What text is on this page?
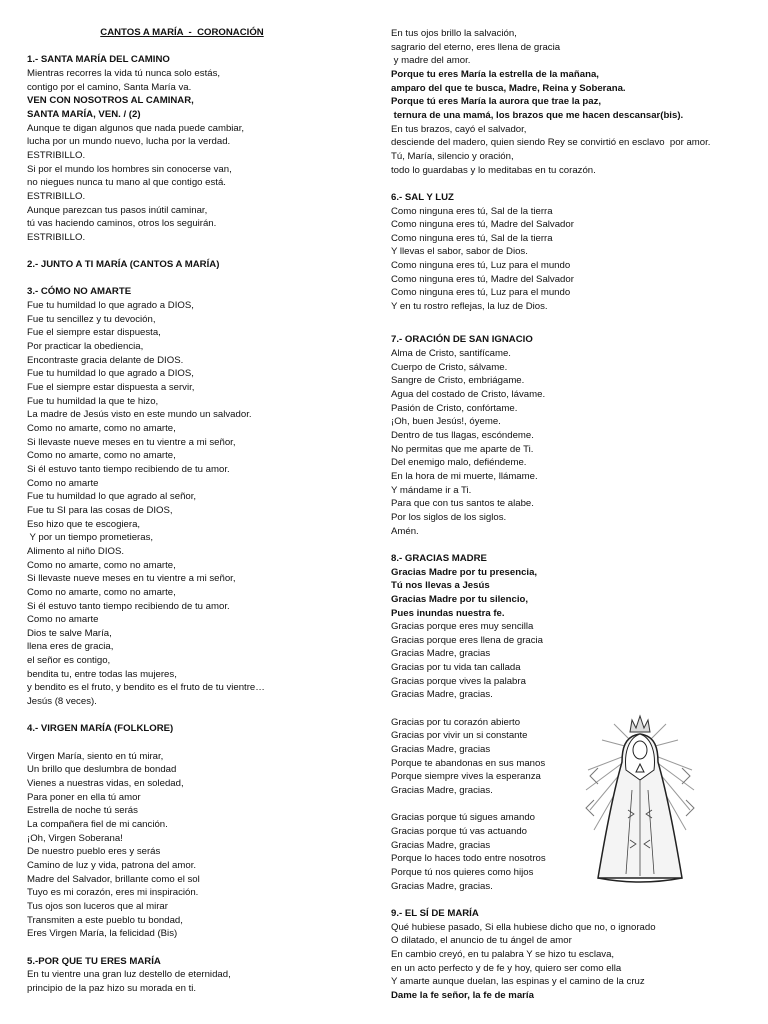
CANTOS A MARÍA  -  CORONACIÓN
1.- SANTA MARÍA DEL CAMINO
Mientras recorres la vida tú nunca solo estás,
contigo por el camino, Santa María va.
VEN CON NOSOTROS AL CAMINAR,
SANTA MARÍA, VEN. / (2)
Aunque te digan algunos que nada puede cambiar,
lucha por un mundo nuevo, lucha por la verdad.
ESTRIBILLO.
Si por el mundo los hombres sin conocerse van,
no niegues nunca tu mano al que contigo está.
ESTRIBILLO.
Aunque parezcan tus pasos inútil caminar,
tú vas haciendo caminos, otros los seguirán.
ESTRIBILLO.
2.- JUNTO A TI MARÍA (CANTOS A MARÍA)
3.- CÓMO NO AMARTE
Fue tu humildad lo que agrado a DIOS,
Fue tu sencillez y tu devoción,
Fue el siempre estar dispuesta,
Por practicar la obediencia,
Encontraste gracia delante de DIOS.
Fue tu humildad lo que agrado a DIOS,
Fue el siempre estar dispuesta a servir,
Fue tu humildad la que te hizo,
La madre de Jesús visto en este mundo un salvador.
Como no amarte, como no amarte,
Si llevaste nueve meses en tu vientre a mi señor,
Como no amarte, como no amarte,
Si él estuvo tanto tiempo recibiendo de tu amor.
Como no amarte
Fue tu humildad lo que agrado al señor,
Fue tu SI para las cosas de DIOS,
Eso hizo que te escogiera,
Y por un tiempo prometieras,
Alimento al niño DIOS.
Como no amarte, como no amarte,
Si llevaste nueve meses en tu vientre a mi señor,
Como no amarte, como no amarte,
Si él estuvo tanto tiempo recibiendo de tu amor.
Como no amarte
Dios te salve María,
llena eres de gracia,
el señor es contigo,
bendita tu, entre todas las mujeres,
y bendito es el fruto, y bendito es el fruto de tu vientre…
Jesús (8 veces).
4.- VIRGEN MARÍA (FOLKLORE)
Virgen María, siento en tú mirar,
Un brillo que deslumbra de bondad
Vienes a nuestras vidas, en soledad,
Para poner en ella tú amor
Estrella de noche tú serás
La compañera fiel de mi canción.
¡Oh, Virgen Soberana!
De nuestro pueblo eres y serás
Camino de luz y vida, patrona del amor.
Madre del Salvador, brillante como el sol
Tuyo es mi corazón, eres mi inspiración.
Tus ojos son luceros que al mirar
Transmiten a este pueblo tu bondad,
Eres Virgen María, la felicidad (Bis)
5.-POR QUE TU ERES MARÍA
En tu vientre una gran luz destello de eternidad,
principio de la paz hizo su morada en ti.
En tus ojos brillo la salvación,
sagrario del eterno, eres llena de gracia
y madre del amor.
Porque tu eres María la estrella de la mañana,
amparo del que te busca, Madre, Reina y Soberana.
Porque tú eres María la aurora que trae la paz,
ternura de una mamá, los brazos que me hacen descansar(bis).
En tus brazos, cayó el salvador,
desciende del madero, quien siendo Rey se convirtió en esclavo  por amor.
Tú, María, silencio y oración,
todo lo guardabas y lo meditabas en tu corazón.
6.- SAL Y LUZ
Como ninguna eres tú, Sal de la tierra
Como ninguna eres tú, Madre del Salvador
Como ninguna eres tú, Sal de la tierra
Y llevas el sabor, sabor de Dios.
Como ninguna eres tú, Luz para el mundo
Como ninguna eres tú, Madre del Salvador
Como ninguna eres tú, Luz para el mundo
Y en tu rostro reflejas, la luz de Dios.
7.- ORACIÓN DE SAN IGNACIO
Alma de Cristo, santifícame.
Cuerpo de Cristo, sálvame.
Sangre de Cristo, embriágame.
Agua del costado de Cristo, lávame.
Pasión de Cristo, confórtame.
¡Oh, buen Jesús!, óyeme.
Dentro de tus llagas, escóndeme.
No permitas que me aparte de Ti.
Del enemigo malo, defiéndeme.
En la hora de mi muerte, llámame.
Y mándame ir a Ti.
Para que con tus santos te alabe.
Por los siglos de los siglos.
Amén.
8.- GRACIAS MADRE
Gracias Madre por tu presencia,
Tú nos llevas a Jesús
Gracias Madre por tu silencio,
Pues inundas nuestra fe.
Gracias porque eres muy sencilla
Gracias porque eres llena de gracia
Gracias Madre, gracias
Gracias por tu vida tan callada
Gracias porque vives la palabra
Gracias Madre, gracias.
Gracias por tu corazón abierto
Gracias por vivir un si constante
Gracias Madre, gracias
Porque te abandonas en sus manos
Porque siempre vives la esperanza
Gracias Madre, gracias.
Gracias porque tú sigues amando
Gracias porque tú vas actuando
Gracias Madre, gracias
Porque lo haces todo entre nosotros
Porque tú nos quieres como hijos
Gracias Madre, gracias.
9.- EL SÍ DE MARÍA
Qué hubiese pasado, Si ella hubiese dicho que no, o ignorado
O dilatado, el anuncio de tu ángel de amor
En cambio creyó, en tu palabra Y se hizo tu esclava,
en un acto perfecto y de fe y hoy, quiero ser como ella
Y amarte aunque duelan, las espinas y el camino de la cruz
Dame la fe señor, la fe de maría
